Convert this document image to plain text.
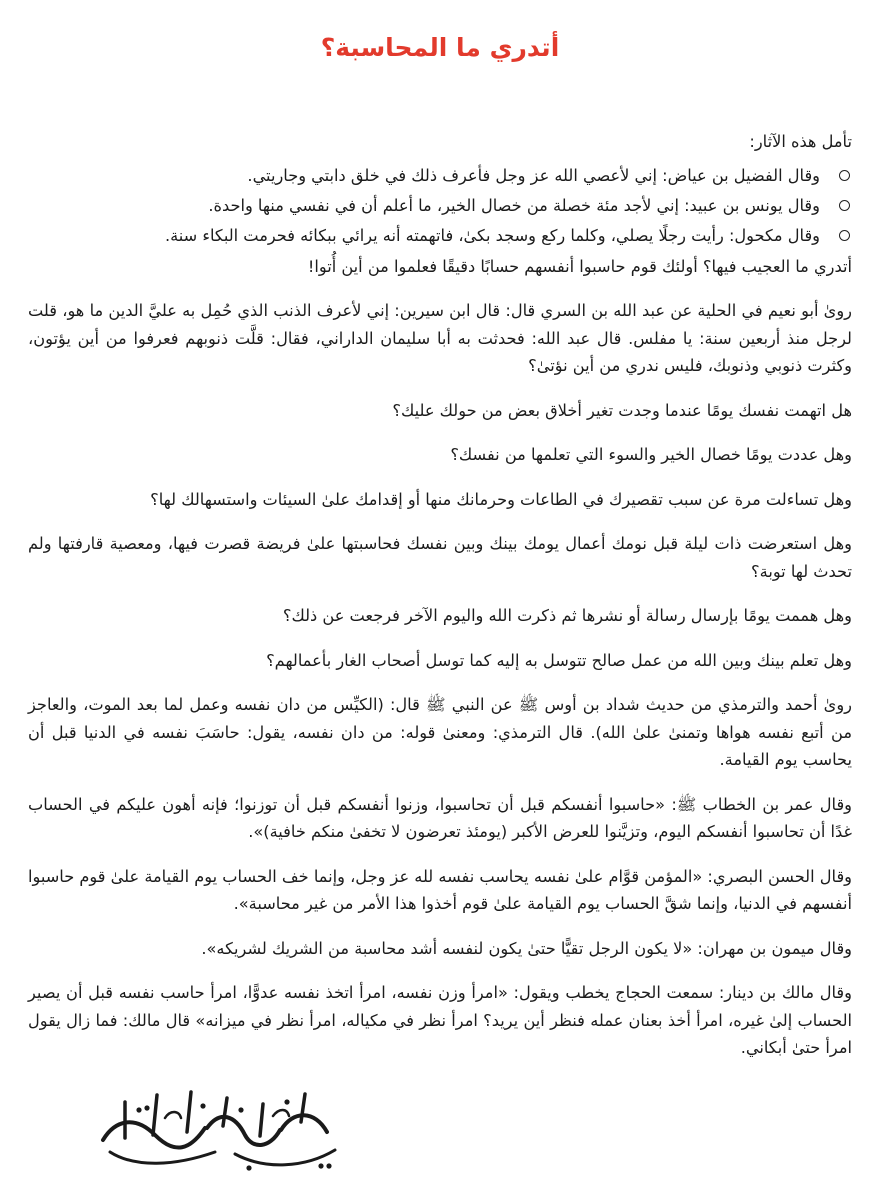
أتدري ما المحاسبة؟

تأمل هذه الآثار:

وقال الفضيل بن عياض: إني لأعصي الله عز وجل فأعرف ذلك في خلق دابتي وجاريتي.
وقال يونس بن عبيد: إني لأجد مئة خصلة من خصال الخير، ما أعلم أن في نفسي منها واحدة.
وقال مكحول: رأيت رجلًا يصلي، وكلما ركع وسجد بكىٰ، فاتهمته أنه يرائي ببكائه فحرمت البكاء سنة.

أتدري ما العجيب فيها؟ أولئك قوم حاسبوا أنفسهم حسابًا دقيقًا فعلموا من أين أُتوا!

روىٰ أبو نعيم في الحلية عن عبد الله بن السري قال: قال ابن سيرين: إني لأعرف الذنب الذي حُمِل به عليَّ الدين ما هو، قلت لرجل منذ أربعين سنة: يا مفلس. قال عبد الله: فحدثت به أبا سليمان الداراني، فقال: قلَّت ذنوبهم فعرفوا من أين يؤتون، وكثرت ذنوبي وذنوبك، فليس ندري من أين نؤتىٰ؟

هل اتهمت نفسك يومًا عندما وجدت تغير أخلاق بعض من حولك عليك؟

وهل عددت يومًا خصال الخير والسوء التي تعلمها من نفسك؟

وهل تساءلت مرة عن سبب تقصيرك في الطاعات وحرمانك منها أو إقدامك علىٰ السيئات واستسهالك لها؟

وهل استعرضت ذات ليلة قبل نومك أعمال يومك بينك وبين نفسك فحاسبتها علىٰ فريضة قصرت فيها، ومعصية قارفتها ولم تحدث لها توبة؟

وهل هممت يومًا بإرسال رسالة أو نشرها ثم ذكرت الله واليوم الآخر فرجعت عن ذلك؟

وهل تعلم بينك وبين الله من عمل صالح تتوسل به إليه كما توسل أصحاب الغار بأعمالهم؟

روىٰ أحمد والترمذي من حديث شداد بن أوس ﷺ عن النبي ﷺ قال: (الكيِّس من دان نفسه وعمل لما بعد الموت، والعاجز من أتبع نفسه هواها وتمنىٰ علىٰ الله). قال الترمذي: ومعنىٰ قوله: من دان نفسه، يقول: حاسَبَ نفسه في الدنيا قبل أن يحاسب يوم القيامة.

وقال عمر بن الخطاب ﷺ: «حاسبوا أنفسكم قبل أن تحاسبوا، وزنوا أنفسكم قبل أن توزنوا؛ فإنه أهون عليكم في الحساب غدًا أن تحاسبوا أنفسكم اليوم، وتزيَّنوا للعرض الأكبر (يومئذ تعرضون لا تخفىٰ منكم خافية)».

وقال الحسن البصري: «المؤمن قوَّام علىٰ نفسه يحاسب نفسه لله عز وجل، وإنما خف الحساب يوم القيامة علىٰ قوم حاسبوا أنفسهم في الدنيا، وإنما شقَّ الحساب يوم القيامة علىٰ قوم أخذوا هذا الأمر من غير محاسبة».

وقال ميمون بن مهران: «لا يكون الرجل تقيًّا حتىٰ يكون لنفسه أشد محاسبة من الشريك لشريكه».

وقال مالك بن دينار: سمعت الحجاج يخطب ويقول: «امرأ وزن نفسه، امرأ اتخذ نفسه عدوًّا، امرأ حاسب نفسه قبل أن يصير الحساب إلىٰ غيره، امرأ أخذ بعنان عمله فنظر أين يريد؟ امرأ نظر في مكياله، امرأ نظر في ميزانه» قال مالك: فما زال يقول امرأ حتىٰ أبكاني.
